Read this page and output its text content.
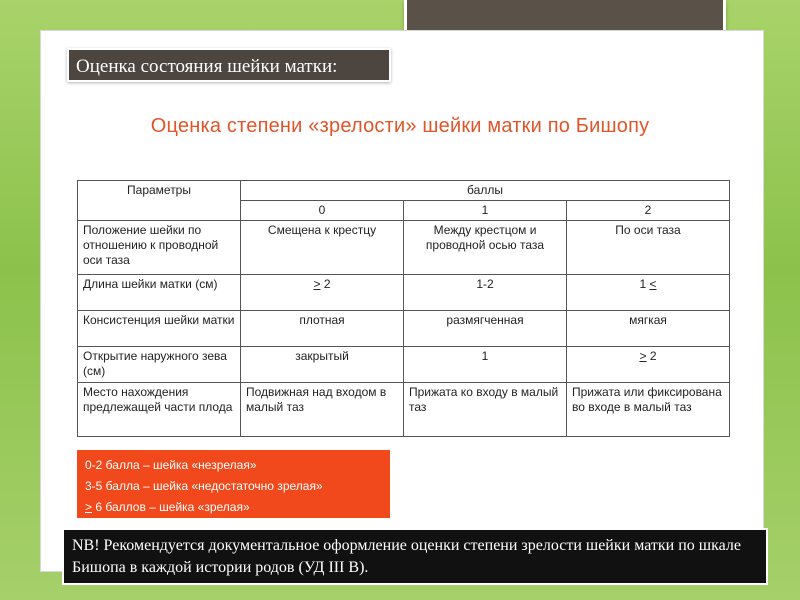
Оценка состояния шейки матки:
Оценка степени «зрелости» шейки матки по Бишопу
Параметры	баллы		
	0	1	2
Положение шейки по отношению к проводной оси таза	Смещена к крестцу	Между крестцом и проводной осью таза	По оси таза
Длина шейки матки (см)	≥ 2	1-2	1 <
Консистенция шейки матки	плотная	размягченная	мягкая
Открытие наружного зева (см)	закрытый	1	≥ 2
Место нахождения предлежащей части плода	Подвижная над входом в малый таз	Прижата ко входу в малый таз	Прижата или фиксирована во входе в малый таз
0-2 балла – шейка «незрелая»
3-5 балла – шейка «недостаточно зрелая»
≥ 6 баллов – шейка «зрелая»
NB! Рекомендуется документальное оформление оценки степени зрелости шейки матки по шкале Бишопа в каждой истории родов (УД III B).
